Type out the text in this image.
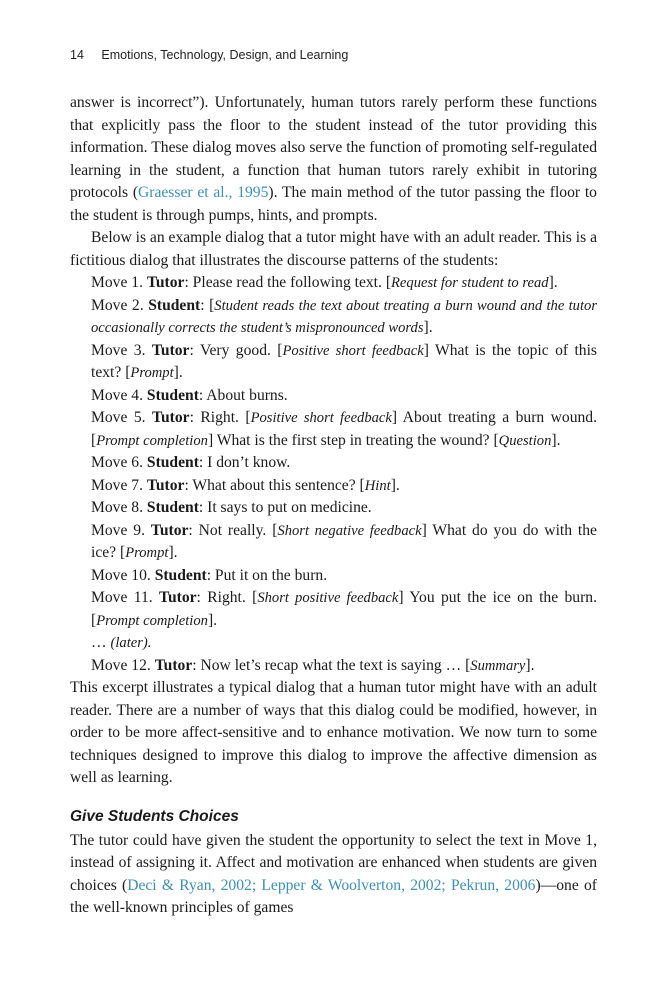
14 Emotions, Technology, Design, and Learning

answer is incorrect”). Unfortunately, human tutors rarely perform these functions that explicitly pass the floor to the student instead of the tutor providing this information. These dialog moves also serve the function of promoting self-regulated learning in the student, a function that human tutors rarely exhibit in tutoring protocols (Graesser et al., 1995). The main method of the tutor passing the floor to the student is through pumps, hints, and prompts.

Below is an example dialog that a tutor might have with an adult reader. This is a fictitious dialog that illustrates the discourse patterns of the students:

Move 1. Tutor: Please read the following text. [Request for student to read].

Move 2. Student: [Student reads the text about treating a burn wound and the tutor occasionally corrects the student’s mispronounced words].

Move 3. Tutor: Very good. [Positive short feedback] What is the topic of this text? [Prompt].

Move 4. Student: About burns.

Move 5. Tutor: Right. [Positive short feedback] About treating a burn wound. [Prompt completion] What is the first step in treating the wound? [Question].

Move 6. Student: I don’t know.

Move 7. Tutor: What about this sentence? [Hint].

Move 8. Student: It says to put on medicine.

Move 9. Tutor: Not really. [Short negative feedback] What do you do with the ice? [Prompt].

Move 10. Student: Put it on the burn.

Move 11. Tutor: Right. [Short positive feedback] You put the ice on the burn. [Prompt completion].

… (later).

Move 12. Tutor: Now let’s recap what the text is saying … [Summary].

This excerpt illustrates a typical dialog that a human tutor might have with an adult reader. There are a number of ways that this dialog could be modified, however, in order to be more affect-sensitive and to enhance motivation. We now turn to some techniques designed to improve this dialog to improve the affective dimension as well as learning.

Give Students Choices

The tutor could have given the student the opportunity to select the text in Move 1, instead of assigning it. Affect and motivation are enhanced when students are given choices (Deci & Ryan, 2002; Lepper & Woolverton, 2002; Pekrun, 2006)—one of the well-known principles of games
